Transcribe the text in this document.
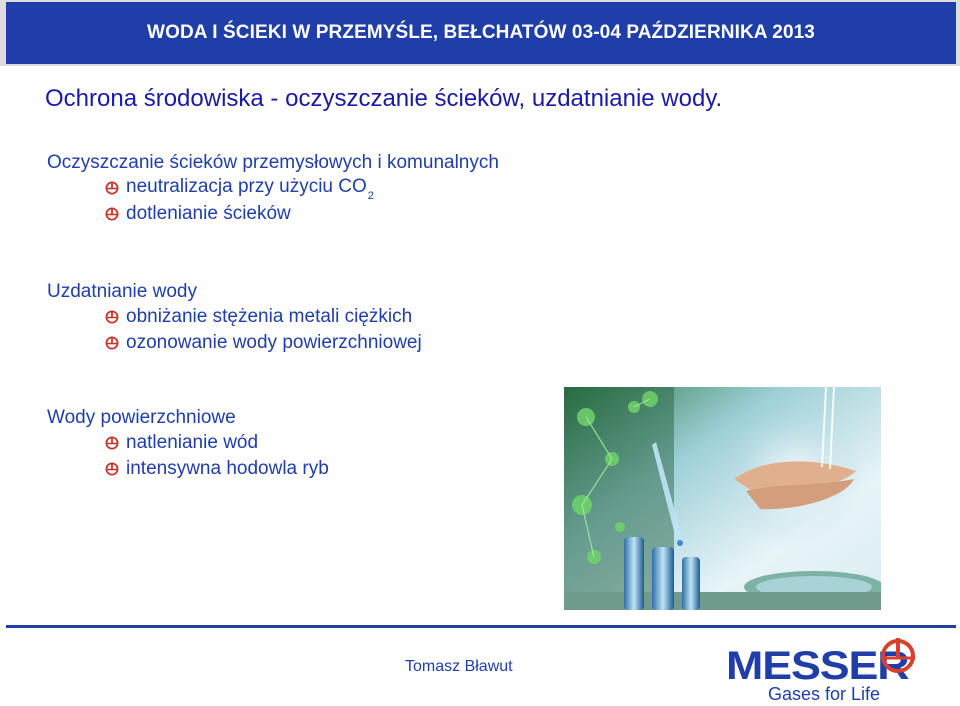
WODA I ŚCIEKI W PRZEMYŚLE, BEŁCHATÓW 03-04 PAŹDZIERNIKA 2013
Ochrona środowiska - oczyszczanie ścieków, uzdatnianie wody.
Oczyszczanie ścieków przemysłowych i komunalnych
neutralizacja przy użyciu $CO_2$
dotlenianie ścieków
Uzdatnianie wody
obniżanie stężenia metali ciężkich
ozonowanie wody powierzchniowej
Wody powierzchniowe
natlenianie wód
intensywna hodowla ryb
Tomasz Bławut	MESSER
Gases for Life
